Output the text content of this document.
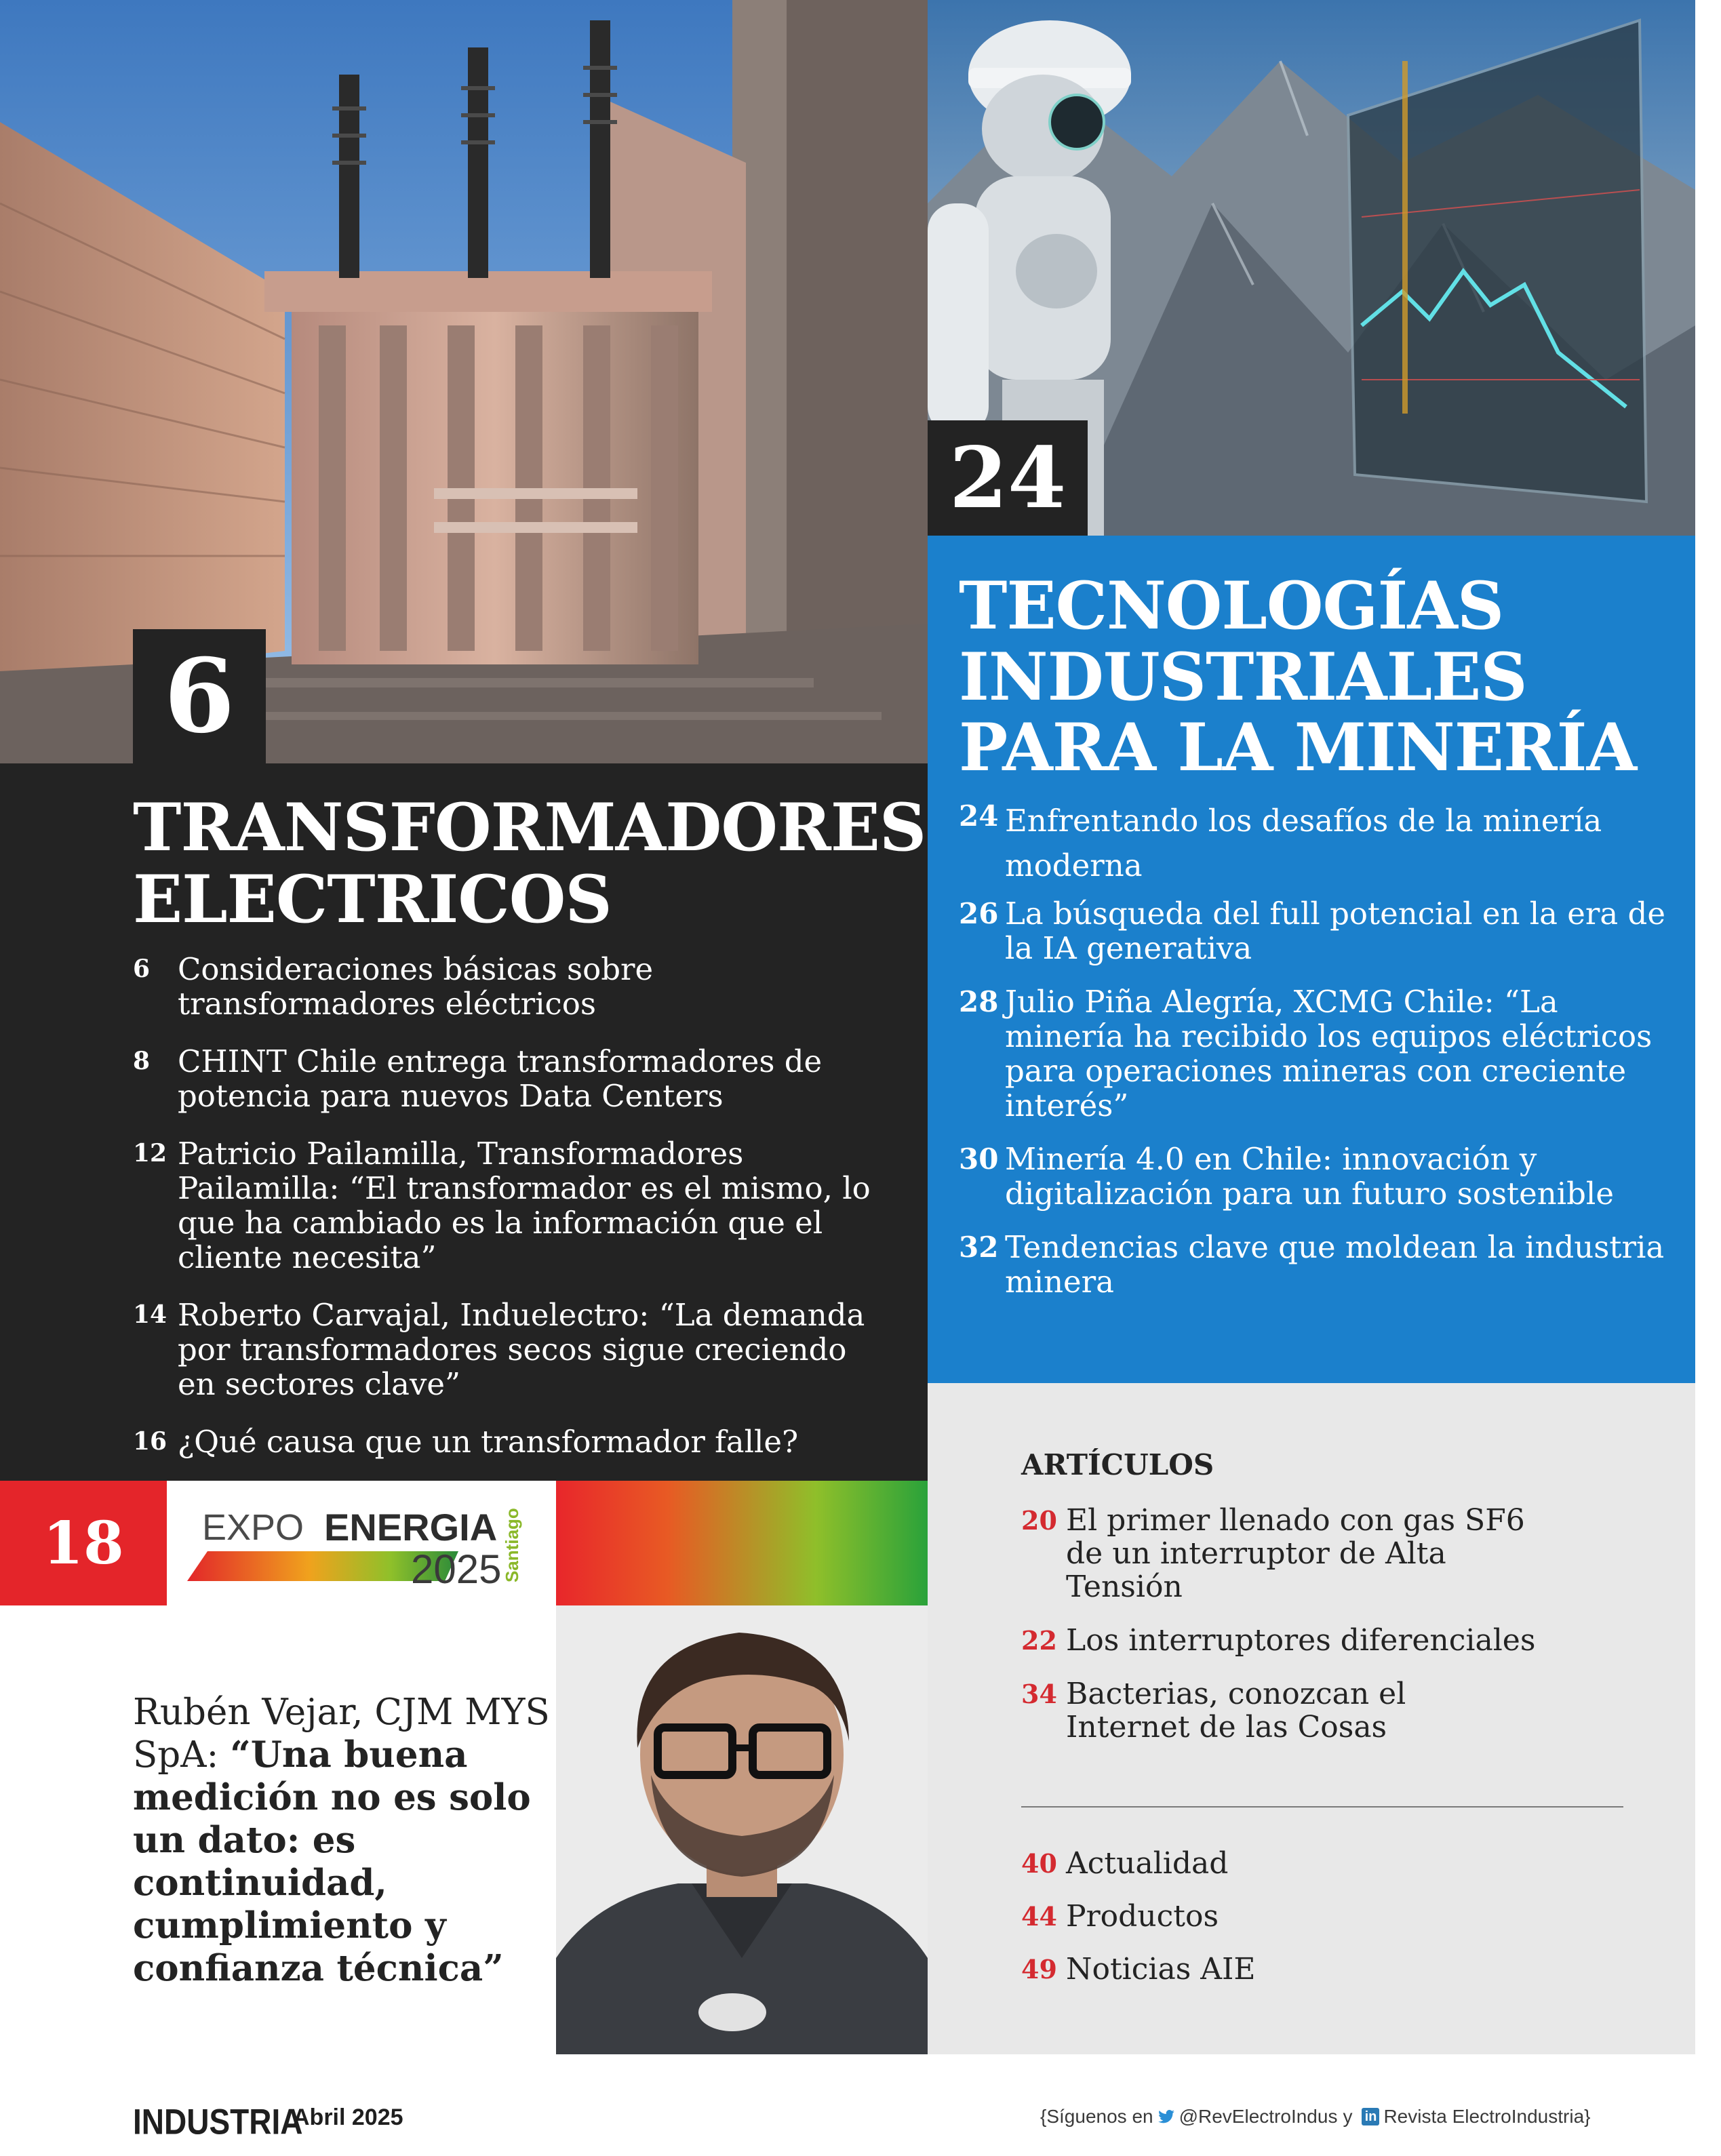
6
TRANSFORMADORES
ELECTRICOS
6 Consideraciones básicas sobre transformadores eléctricos
8 CHINT Chile entrega transformadores de potencia para nuevos Data Centers
12 Patricio Pailamilla, Transformadores Pailamilla: “El transformador es el mismo, lo que ha cambiado es la información que el cliente necesita”
14 Roberto Carvajal, Induelectro: “La demanda por transformadores secos sigue creciendo en sectores clave”
16 ¿Qué causa que un transformador falle?
24
TECNOLOGÍAS
INDUSTRIALES
PARA LA MINERÍA
24 Enfrentando los desafíos de la minería moderna
26 La búsqueda del full potencial en la era de la IA generativa
28 Julio Piña Alegría, XCMG Chile: “La minería ha recibido los equipos eléctricos para operaciones mineras con creciente interés”
30 Minería 4.0 en Chile: innovación y digitalización para un futuro sostenible
32 Tendencias clave que moldean la industria minera
18	EXPO ENERGIA
2025 Santiago
Rubén Vejar, CJM MYS SpA: “Una buena medición no es solo un dato: es continuidad, cumplimiento y confianza técnica”
ARTÍCULOS
20 El primer llenado con gas SF6 de un interruptor de Alta Tensión
22 Los interruptores diferenciales
34 Bacterias, conozcan el Internet de las Cosas
40 Actualidad
44 Productos
49 Noticias AIE
INDUSTRIA
Abril 2025	{Síguenos en @RevElectroIndus y in Revista ElectroIndustria}
